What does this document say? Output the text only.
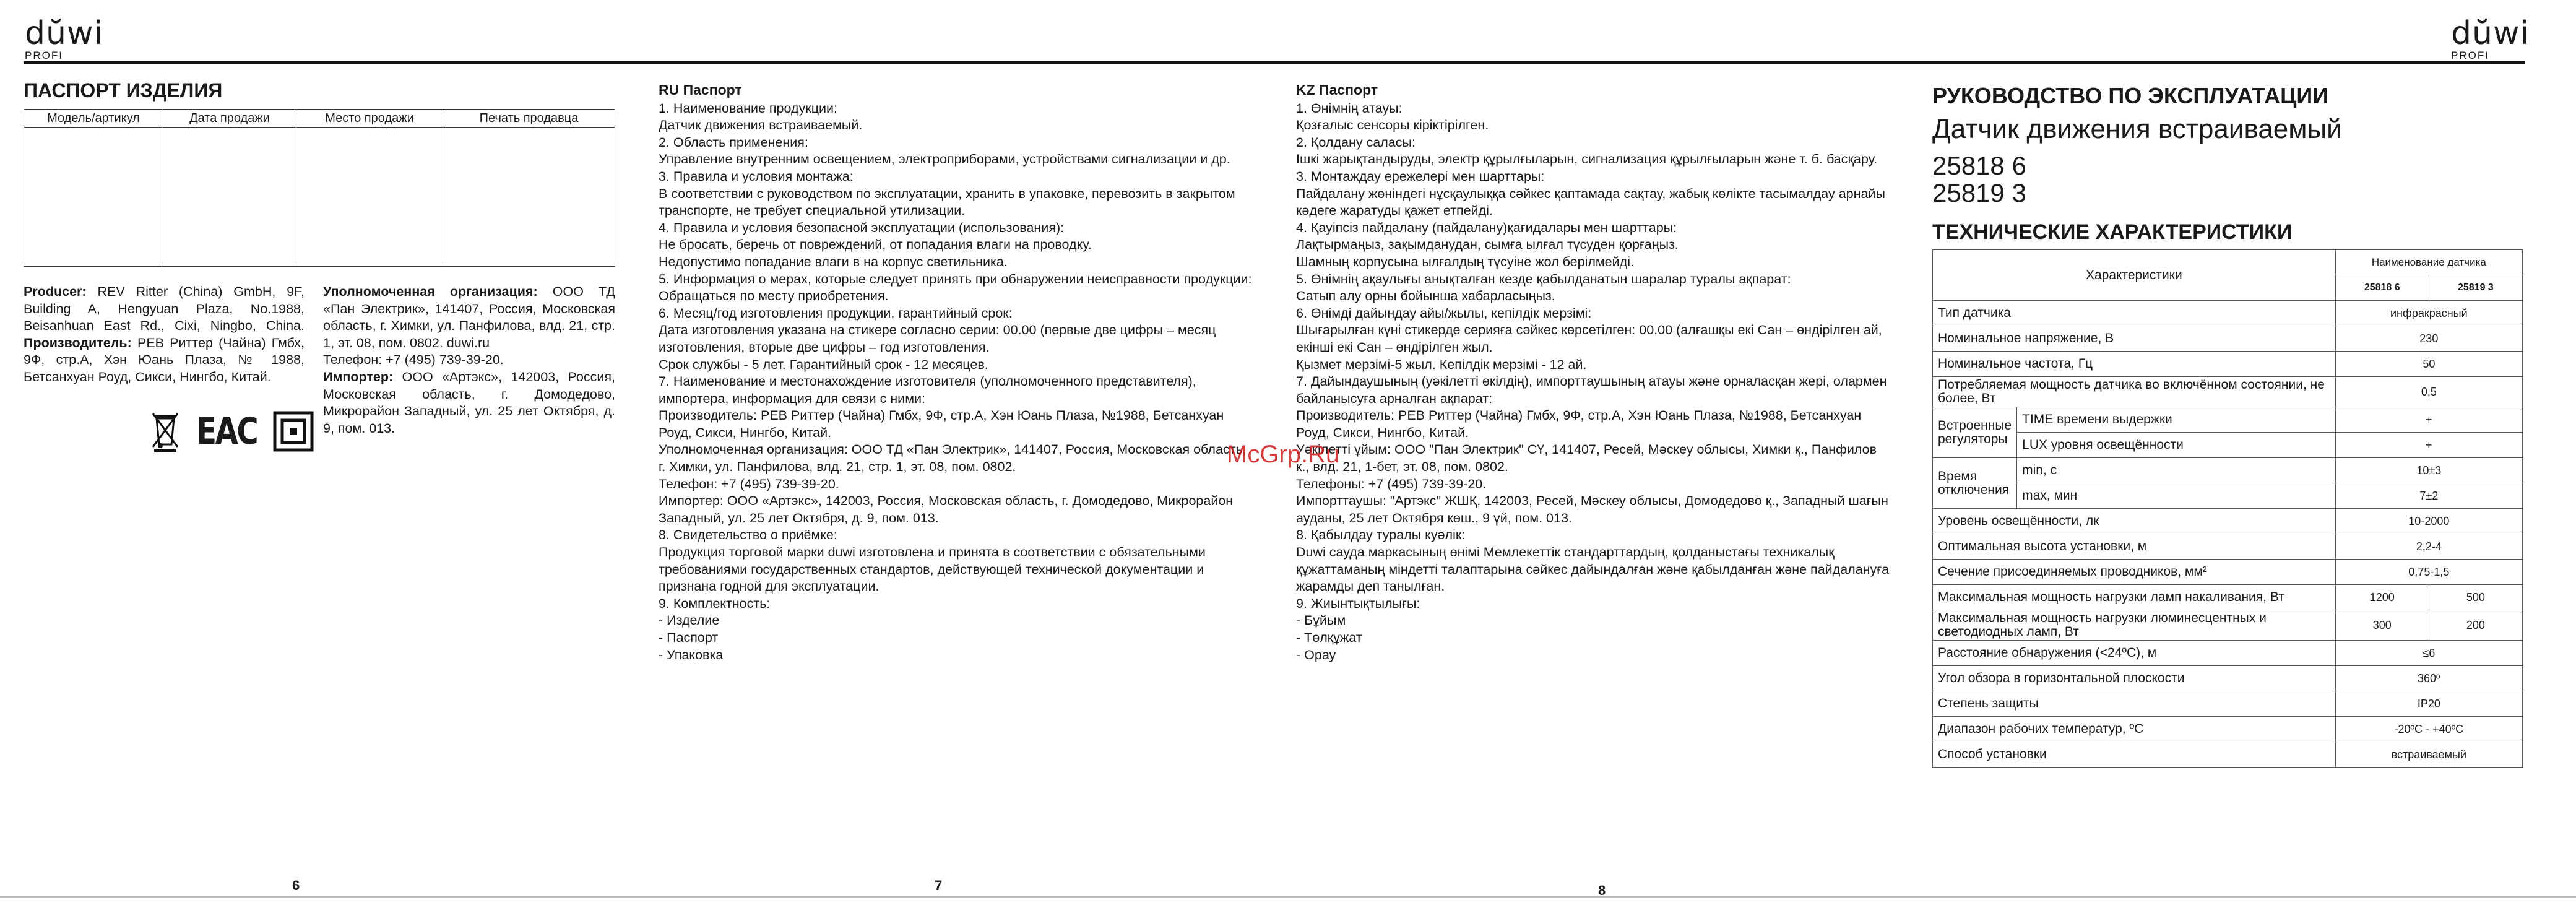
dŭwi
PROFI
dŭwi
PROFI
ПАСПОРТ ИЗДЕЛИЯ
Модель/артикул	Дата продажи	Место продажи	Печать продавца

Producer: REV Ritter (China) GmbH, 9F, Building A, Hengyuan Plaza, No.1988, Beisanhuan East Rd., Cixi, Ningbo, China. Производитель: РЕВ Риттер (Чайна) Гмбх, 9Ф, стр.А, Хэн Юань Плаза, № 1988, Бетсанхуан Роуд, Сикси, Нингбо, Китай.
Уполномоченная организация: ООО ТД «Пан Электрик», 141407, Россия, Московская область, г. Химки, ул. Панфилова, влд. 21, стр. 1, эт. 08, пом. 0802. duwi.ru
Телефон: +7 (495) 739-39-20.
Импортер: ООО «Артэкс», 142003, Россия, Московская область, г. Домодедово, Микрорайон Западный, ул. 25 лет Октября, д. 9, пом. 013.
EAC
6
RU Паспорт
1. Наименование продукции:
Датчик движения встраиваемый.
2. Область применения:
Управление внутренним освещением, электроприборами, устройствами сигнализации и др.
3. Правила и условия монтажа:
В соответствии с руководством по эксплуатации, хранить в упаковке, перевозить в закрытом транспорте, не требует специальной утилизации.
4. Правила и условия безопасной эксплуатации (использования):
Не бросать, беречь от повреждений, от попадания влаги на проводку.
Недопустимо попадание влаги в на корпус светильника.
5. Информация о мерах, которые следует принять при обнаружении неисправности продукции:
Обращаться по месту приобретения.
6. Месяц/год изготовления продукции, гарантийный срок:
Дата изготовления указана на стикере согласно серии: 00.00 (первые две цифры – месяц изготовления, вторые две цифры – год изготовления.
Срок службы - 5 лет. Гарантийный срок - 12 месяцев.
7. Наименование и местонахождение изготовителя (уполномоченного представителя), импортера, информация для связи с ними:
Производитель: РЕВ Риттер (Чайна) Гмбх, 9Ф, стр.А, Хэн Юань Плаза, №1988, Бетсанхуан Роуд, Сикси, Нингбо, Китай.
Уполномоченная организация: ООО ТД «Пан Электрик», 141407, Россия, Московская область, г. Химки, ул. Панфилова, влд. 21, стр. 1, эт. 08, пом. 0802.
Телефон: +7 (495) 739-39-20.
Импортер: ООО «Артэкс», 142003, Россия, Московская область, г. Домодедово, Микрорайон Западный, ул. 25 лет Октября, д. 9, пом. 013.
8. Свидетельство о приёмке:
Продукция торговой марки duwi изготовлена и принята в соответствии с обязательными требованиями государственных стандартов, действующей технической документации и признана годной для эксплуатации.
9. Комплектность:
- Изделие
- Паспорт
- Упаковка
7
KZ Паспорт
1. Өнімнің атауы:
Қозғалыс сенсоры кіріктірілген.
2. Қолдану саласы:
Ішкі жарықтандыруды, электр құрылғыларын, сигнализация құрылғыларын және т. б. басқару.
3. Монтаждау ережелері мен шарттары:
Пайдалану жөніндегі нұсқаулыққа сәйкес қаптамада сақтау, жабық көлікте тасымалдау арнайы кәдеге жаратуды қажет етпейді.
4. Қауіпсіз пайдалану (пайдалану)қағидалары мен шарттары:
Лақтырмаңыз, зақымданудан, сымға ылғал түсуден қорғаңыз.
Шамның корпусына ылғалдың түсуіне жол берілмейді.
5. Өнімнің ақаулығы анықталған кезде қабылданатын шаралар туралы ақпарат:
Сатып алу орны бойынша хабарласыңыз.
6. Өнімді дайындау айы/жылы, кепілдік мерзімі:
Шығарылған күні стикерде серияға сәйкес көрсетілген: 00.00 (алғашқы екі Сан – өндірілген ай, екінші екі Сан – өндірілген жыл.
Қызмет мерзімі-5 жыл. Кепілдік мерзімі - 12 ай.
7. Дайындаушының (уәкілетті өкілдің), импорттаушының атауы және орналасқан жері, олармен байланысуға арналған ақпарат:
Производитель: РЕВ Риттер (Чайна) Гмбх, 9Ф, стр.А, Хэн Юань Плаза, №1988, Бетсанхуан Роуд, Сикси, Нингбо, Китай.
Уәкілетті ұйым: ООО "Пан Электрик" СҮ, 141407, Ресей, Мәскеу облысы, Химки қ., Панфилов к., влд. 21, 1-бет, эт. 08, пом. 0802.
Телефоны: +7 (495) 739-39-20.
Импорттаушы: "Артэкс" ЖШҚ, 142003, Ресей, Мәскеу облысы, Домодедово қ., Западный шағын ауданы, 25 лет Октября көш., 9 үй, пом. 013.
8. Қабылдау туралы куәлік:
Duwi сауда маркасының өнімі Мемлекеттік стандарттардың, қолданыстағы техникалық құжаттаманың міндетті талаптарына сәйкес дайындалған және қабылданған және пайдалануға жарамды деп танылған.
9. Жиынтықтылығы:
- Бұйым
- Төлқұжат
- Орау
8
McGrp.Ru
РУКОВОДСТВО ПО ЭКСПЛУАТАЦИИ
Датчик движения встраиваемый
25818 6
25819 3
ТЕХНИЧЕСКИЕ ХАРАКТЕРИСТИКИ
Характеристики		Наименование датчика	
		25818 6	25819 3
Тип датчика		инфракрасный	
Номинальное напряжение, В		230	
Номинальное частота, Гц		50	
Потребляемая мощность датчика во включённом состоянии, не более, Вт		0,5	
Встроенные регуляторы	TIME времени выдержки	+	
	LUX уровня освещённости	+	
Время отключения	min, c	10±3	
	max, мин	7±2	
Уровень освещённости, лк		10-2000	
Оптимальная высота установки, м		2,2-4	
Сечение присоединяемых проводников, мм²		0,75-1,5	
Максимальная мощность нагрузки ламп накаливания, Вт		1200	500
Максимальная мощность нагрузки люминесцентных и светодиодных ламп, Вт		300	200
Расстояние обнаружения (<24ºС), м		≤6	
Угол обзора в горизонтальной плоскости		360º	
Степень защиты		IP20	
Диапазон рабочих температур, ºС		-20ºС - +40ºС	
Способ установки		встраиваемый	
